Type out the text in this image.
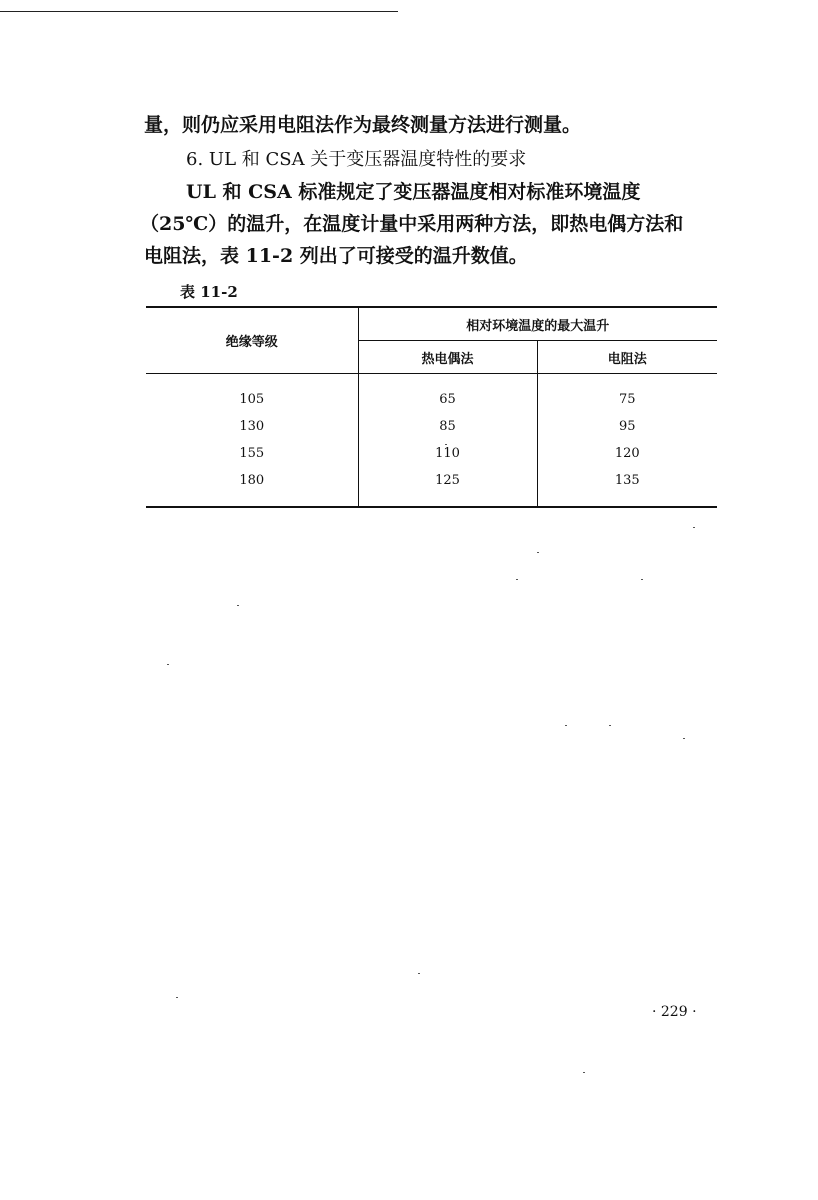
量，则仍应采用电阻法作为最终测量方法进行测量。

6. UL 和 CSA 关于变压器温度特性的要求

UL 和 CSA 标准规定了变压器温度相对标准环境温度

（25℃）的温升，在温度计量中采用两种方法，即热电偶方法和

电阻法，表 11-2 列出了可接受的温升数值。

表 11-2
绝缘等级	相对环境温度的最大温升	
	热电偶法	电阻法
105	65	75
130	85	95
155	110	120
180	125	135
· 229 ·
